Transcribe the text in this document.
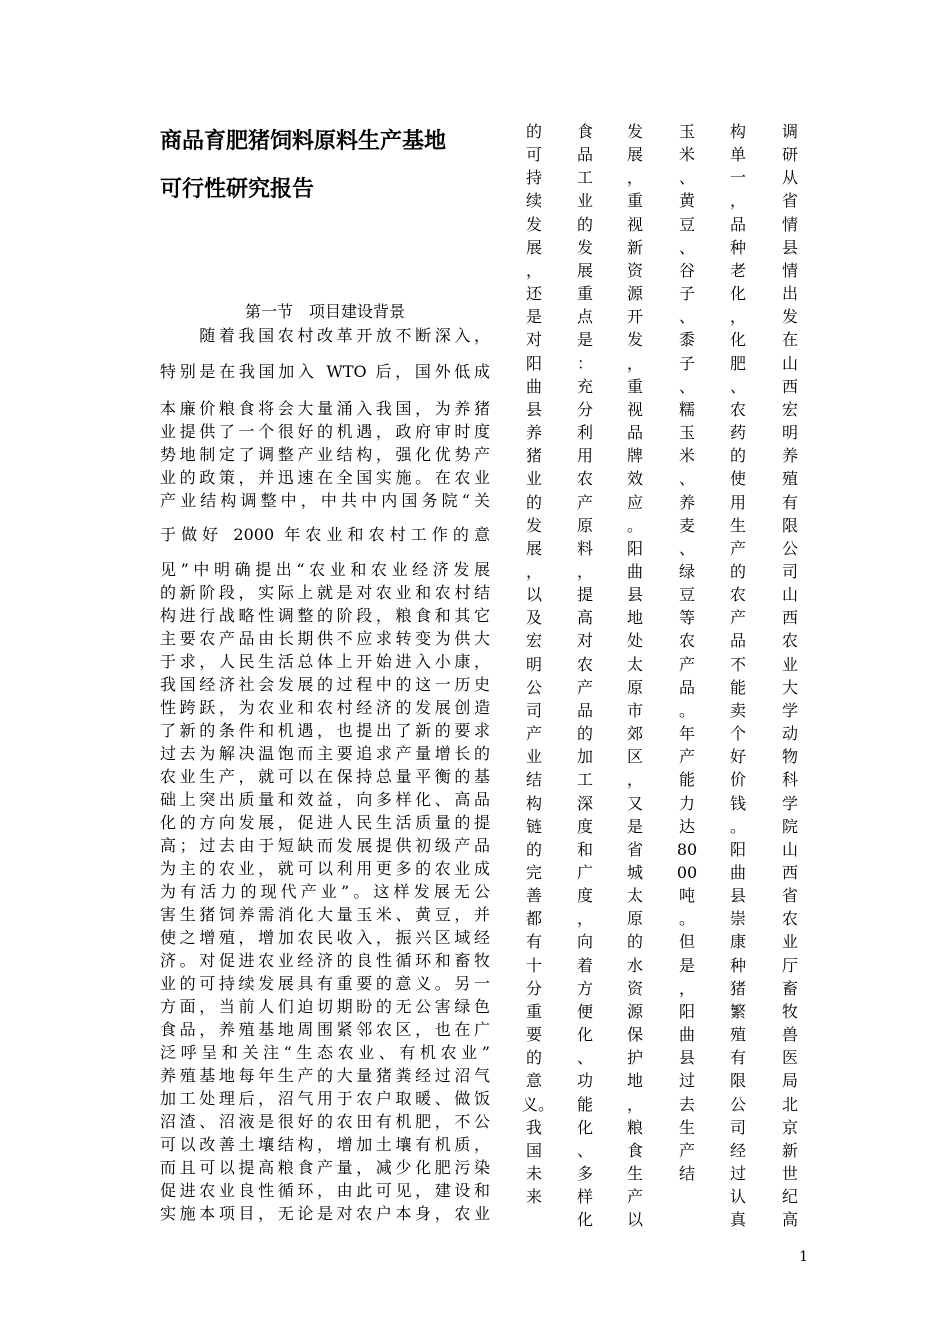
商品育肥猪饲料原料生产基地
可行性研究报告
第一节　项目建设背景
　　随着我国农村改革开放不断深入，
特别是在我国加入 WTO 后，国外低成
本廉价粮食将会大量涌入我国，为养猪
业提供了一个很好的机遇，政府审时度
势地制定了调整产业结构，强化优势产
业的政策，并迅速在全国实施。在农业
产业结构调整中，中共中内国务院“关
于做好 2000 年农业和农村工作的意
见”中明确提出“农业和农业经济发展
的新阶段，实际上就是对农业和农村结
构进行战略性调整的阶段，粮食和其它
主要农产品由长期供不应求转变为供大
于求，人民生活总体上开始进入小康，
我国经济社会发展的过程中的这一历史
性跨跃，为农业和农村经济的发展创造
了新的条件和机遇，也提出了新的要求
过去为解决温饱而主要追求产量增长的
农业生产，就可以在保持总量平衡的基
础上突出质量和效益，向多样化、高品
化的方向发展，促进人民生活质量的提
高；过去由于短缺而发展提供初级产品
为主的农业，就可以利用更多的农业成
为有活力的现代产业”。这样发展无公
害生猪饲养需消化大量玉米、黄豆，并
使之增殖，增加农民收入，振兴区域经
济。对促进农业经济的良性循环和畜牧
业的可持续发展具有重要的意义。另一
方面，当前人们迫切期盼的无公害绿色
食品，养殖基地周围紧邻农区，也在广
泛呼呈和关注“生态农业、有机农业”
养殖基地每年生产的大量猪粪经过沼气
加工处理后，沼气用于农户取暖、做饭
沼渣、沼液是很好的农田有机肥，不公
可以改善土壤结构，增加土壤有机质，
而且可以提高粮食产量，减少化肥污染
促进农业良性循环，由此可见，建设和
实施本项目，无论是对农户本身，农业
的可持续发展，还是对阳曲县养猪业的发展，以及宏明公司产业结构链的完善都有十分重要的意义。　我国未来
食品工业的发展重点是：充分利用农产原料，提高对农产品的加工深度和广度，向着方便化、功能化、多样化
发展，重视新资源开发，重视品牌效应。阳曲县地处太原市郊区，又是省城太原的水资源保护地，粮食生产以
玉米、黄豆、谷子、黍子、糯玉米、养麦、绿豆等农产品。年产能力达8000吨。但是，阳曲县过去生产结
构单一，品种老化，化肥、农药的使用生产的农产品不能卖个好价钱。阳曲县崇康种猪繁殖有限公司经过认真
调研从省情县情出发在山西宏明养殖有限公司山西农业大学动物科学院山西省农业厅畜牧兽医局北京新世纪高
1
